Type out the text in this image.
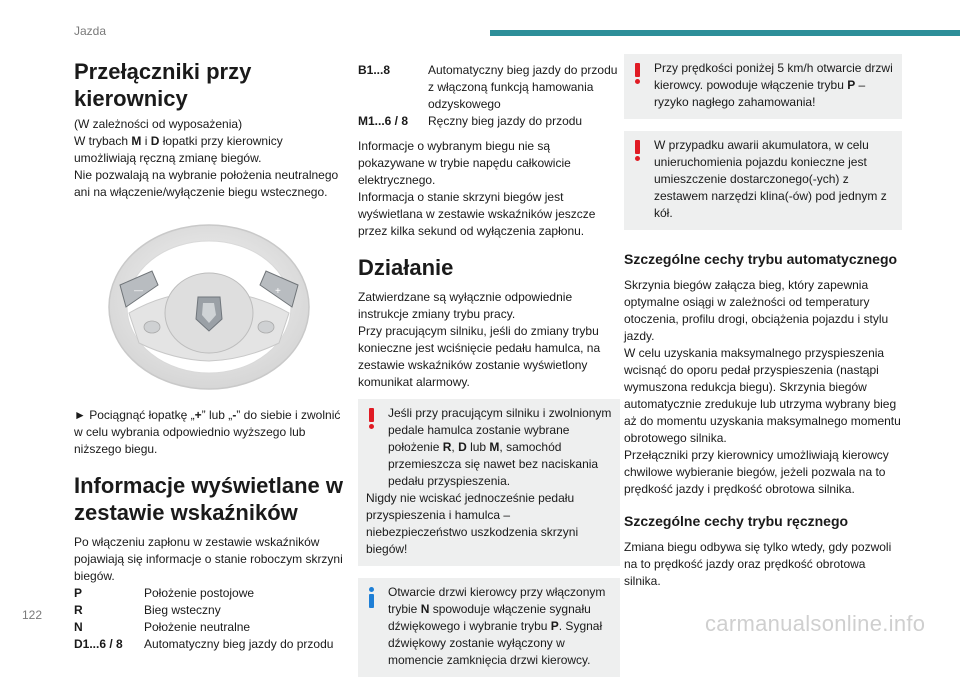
Jazda
Przełączniki przy kierownicy

(W zależności od wyposażenia)

W trybach M i D łopatki przy kierownicy umożliwiają ręczną zmianę biegów.

Nie pozwalają na wybranie położenia neutralnego ani na włączenie/wyłączenie biegu wstecznego.

—	+

► Pociągnąć łopatkę „+” lub „-” do siebie i zwolnić w celu wybrania odpowiednio wyższego lub niższego biegu.

Informacje wyświetlane w zestawie wskaźników

Po włączeniu zapłonu w zestawie wskaźników pojawiają się informacje o stanie roboczym skrzyni biegów.

P	Położenie postojowe
R	Bieg wsteczny
N	Położenie neutralne
D1...6 / 8	Automatyczny bieg jazdy do przodu
B1...8	Automatyczny bieg jazdy do przodu z włączoną funkcją hamowania odzyskowego
M1...6 / 8	Ręczny bieg jazdy do przodu

Informacje o wybranym biegu nie są pokazywane w trybie napędu całkowicie elektrycznego.

Informacja o stanie skrzyni biegów jest wyświetlana w zestawie wskaźników jeszcze przez kilka sekund od wyłączenia zapłonu.

Działanie

Zatwierdzane są wyłącznie odpowiednie instrukcje zmiany trybu pracy.

Przy pracującym silniku, jeśli do zmiany trybu konieczne jest wciśnięcie pedału hamulca, na zestawie wskaźników zostanie wyświetlony komunikat alarmowy.

Jeśli przy pracującym silniku i zwolnionym pedale hamulca zostanie wybrane położenie R, D lub M, samochód przemieszcza się nawet bez naciskania pedału przyspieszenia.

Nigdy nie wciskać jednocześnie pedału przyspieszenia i hamulca – niebezpieczeństwo uszkodzenia skrzyni biegów!

Otwarcie drzwi kierowcy przy włączonym trybie N spowoduje włączenie sygnału dźwiękowego i wybranie trybu P. Sygnał dźwiękowy zostanie wyłączony w momencie zamknięcia drzwi kierowcy.

Przy prędkości poniżej 5 km/h otwarcie drzwi kierowcy. powoduje włączenie trybu P – ryzyko nagłego zahamowania!

W przypadku awarii akumulatora, w celu unieruchomienia pojazdu konieczne jest umieszczenie dostarczonego(-ych) z zestawem narzędzi klina(-ów) pod jednym z kół.

Szczególne cechy trybu automatycznego

Skrzynia biegów załącza bieg, który zapewnia optymalne osiągi w zależności od temperatury otoczenia, profilu drogi, obciążenia pojazdu i stylu jazdy.

W celu uzyskania maksymalnego przyspieszenia wcisnąć do oporu pedał przyspieszenia (nastąpi wymuszona redukcja biegu). Skrzynia biegów automatycznie zredukuje lub utrzyma wybrany bieg aż do momentu uzyskania maksymalnego momentu obrotowego silnika.

Przełączniki przy kierownicy umożliwiają kierowcy chwilowe wybieranie biegów, jeżeli pozwala na to prędkość jazdy i prędkość obrotowa silnika.

Szczególne cechy trybu ręcznego

Zmiana biegu odbywa się tylko wtedy, gdy pozwoli na to prędkość jazdy oraz prędkość obrotowa silnika.

122	carmanualsonline.info
